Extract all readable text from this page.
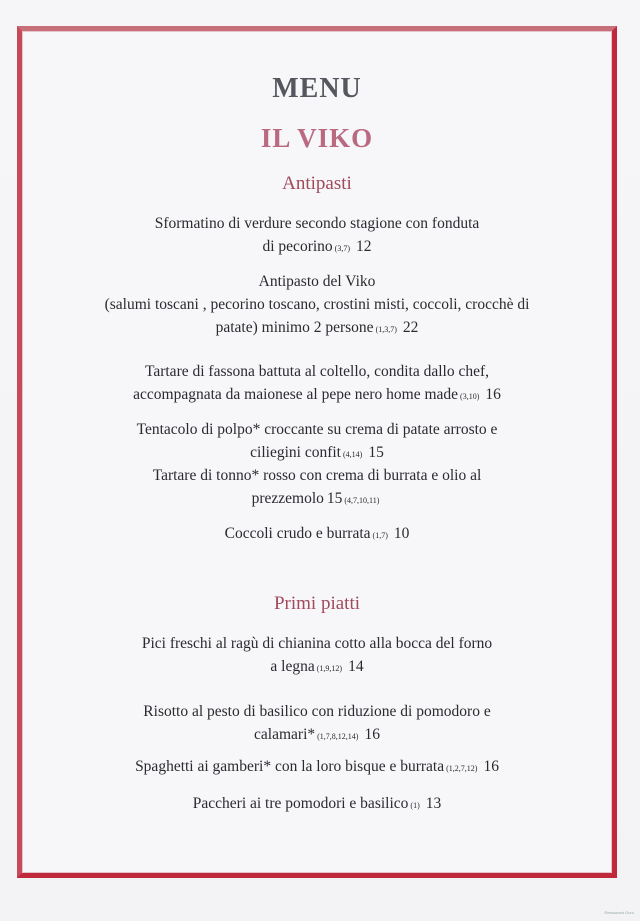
MENU
IL VIKO
Antipasti
Sformatino di verdure secondo stagione con fonduta
di pecorino (3,7) 12
Antipasto del Viko
(salumi toscani , pecorino toscano, crostini misti, coccoli, crocchè di
patate) minimo 2 persone (1,3,7) 22
Tartare di fassona battuta al coltello, condita dallo chef,
accompagnata da maionese al pepe nero home made (3,10) 16
Tentacolo di polpo* croccante su crema di patate arrosto e
ciliegini confit (4,14) 15
Tartare di tonno* rosso con crema di burrata e olio al
prezzemolo 15 (4,7,10,11)
Coccoli crudo e burrata (1,7) 10
Primi piatti
Pici freschi al ragù di chianina cotto alla bocca del forno
a legna (1,9,12) 14
Risotto al pesto di basilico con riduzione di pomodoro e
calamari* (1,7,8,12,14) 16
Spaghetti ai gamberi* con la loro bisque e burrata (1,2,7,12) 16
Paccheri ai tre pomodori e basilico (1) 13
Restaurant Guru
